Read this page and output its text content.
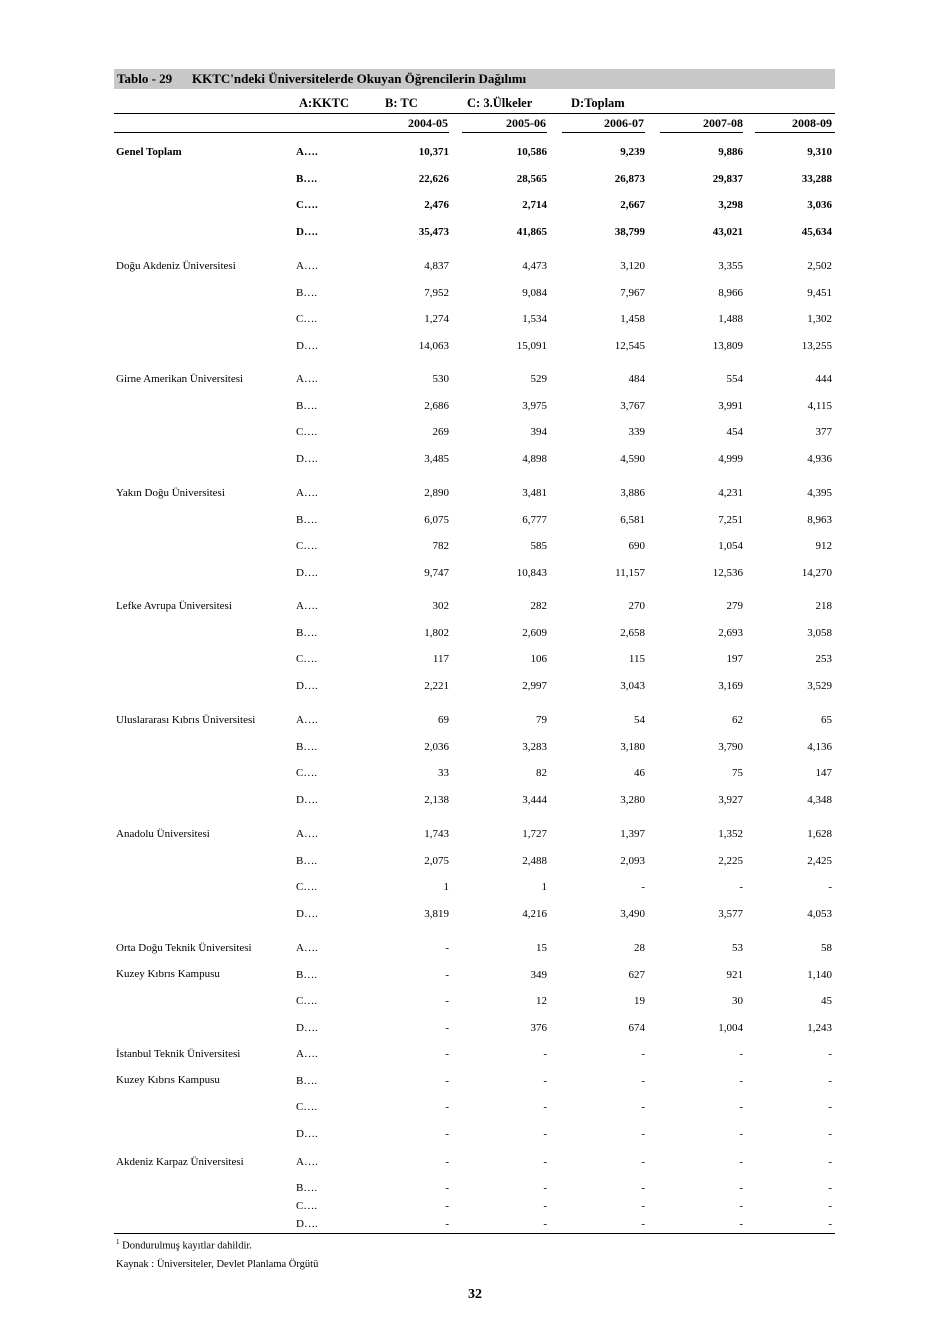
Tablo - 29 KKTC'ndeki Üniversitelerde Okuyan Öğrencilerin Dağılımı
A:KKTC	B: TC	C: 3.Ülkeler	D:Toplam
2004-05	2005-06	2006-07	2007-08	2008-09
Genel Toplam	A….	10,371	10,586	9,239	9,886	9,310
B….	22,626	28,565	26,873	29,837	33,288
C….	2,476	2,714	2,667	3,298	3,036
D….	35,473	41,865	38,799	43,021	45,634
Doğu Akdeniz Üniversitesi	A….	4,837	4,473	3,120	3,355	2,502
B….	7,952	9,084	7,967	8,966	9,451
C….	1,274	1,534	1,458	1,488	1,302
D….	14,063	15,091	12,545	13,809	13,255
Girne Amerikan Üniversitesi	A….	530	529	484	554	444
B….	2,686	3,975	3,767	3,991	4,115
C….	269	394	339	454	377
D….	3,485	4,898	4,590	4,999	4,936
Yakın Doğu Üniversitesi	A….	2,890	3,481	3,886	4,231	4,395
B….	6,075	6,777	6,581	7,251	8,963
C….	782	585	690	1,054	912
D….	9,747	10,843	11,157	12,536	14,270
Lefke Avrupa Üniversitesi	A….	302	282	270	279	218
B….	1,802	2,609	2,658	2,693	3,058
C….	117	106	115	197	253
D….	2,221	2,997	3,043	3,169	3,529
Uluslararası Kıbrıs Üniversitesi	A….	69	79	54	62	65
B….	2,036	3,283	3,180	3,790	4,136
C….	33	82	46	75	147
D….	2,138	3,444	3,280	3,927	4,348
Anadolu Üniversitesi	A….	1,743	1,727	1,397	1,352	1,628
B….	2,075	2,488	2,093	2,225	2,425
C….	1	1	-	-	-
D….	3,819	4,216	3,490	3,577	4,053
Orta Doğu Teknik Üniversitesi
Kuzey Kıbrıs Kampusu
A….	-	15	28	53	58
B….	-	349	627	921	1,140
C….	-	12	19	30	45
D….	-	376	674	1,004	1,243
İstanbul Teknik Üniversitesi
Kuzey Kıbrıs Kampusu
A….	-	-	-	-	-
B….	-	-	-	-	-
C….	-	-	-	-	-
D….	-	-	-	-	-
Akdeniz Karpaz Üniversitesi	A….	-	-	-	-	-
B….	-	-	-	-	-
C….	-	-	-	-	-
D….	-	-	-	-	-
$^1$ Dondurulmuş kayıtlar dahildir.
Kaynak : Üniversiteler, Devlet Planlama Örgütü
32
